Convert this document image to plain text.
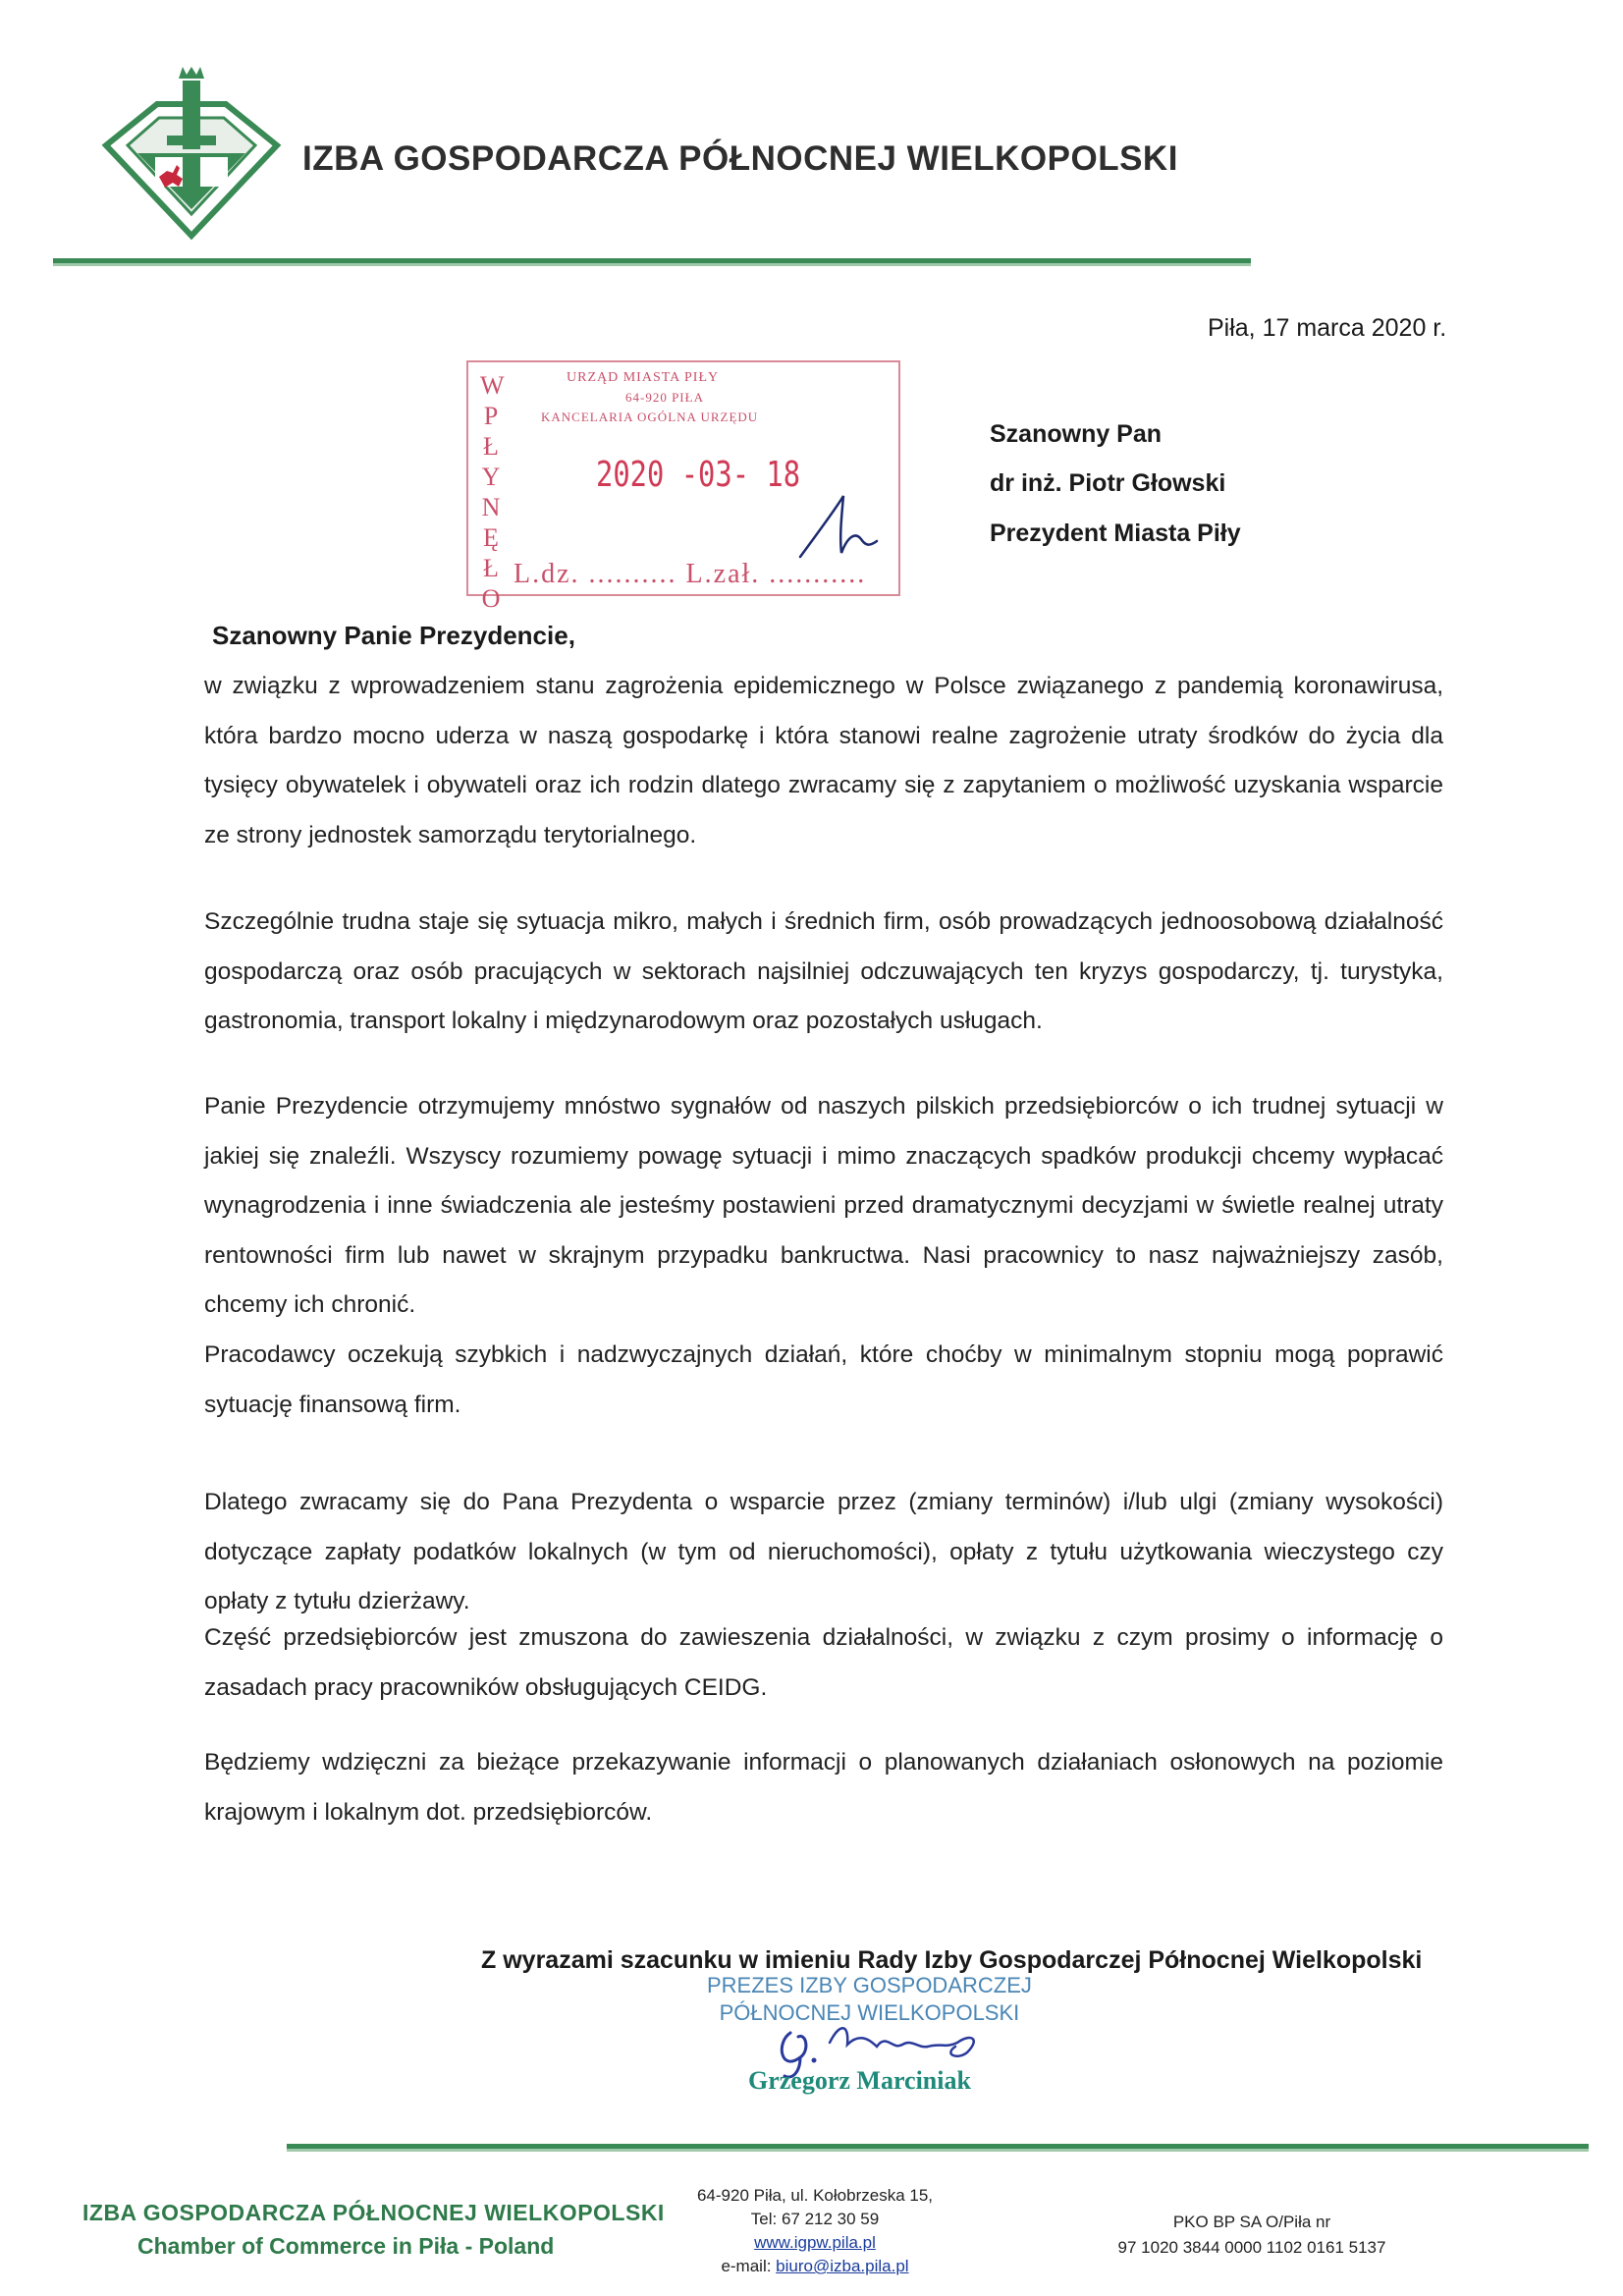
IZBA GOSPODARCZA PÓŁNOCNEJ WIELKOPOLSKI
Piła, 17 marca 2020 r.
Szanowny Pan
dr inż. Piotr Głowski
Prezydent Miasta Piły
W
P
Ł
Y
N
Ę
Ł
O
URZĄD MIASTA PIŁY
64-920 PIŁA
KANCELARIA OGÓLNA URZĘDU
2020 -03- 18
L.dz. .......... L.zał. ...........
Szanowny Panie Prezydencie,
w związku z wprowadzeniem stanu zagrożenia epidemicznego w Polsce związanego z pandemią koronawirusa, która bardzo mocno uderza w naszą gospodarkę i która stanowi realne zagrożenie utraty środków do życia dla tysięcy obywatelek i obywateli oraz ich rodzin dlatego zwracamy się z zapytaniem o możliwość uzyskania wsparcie ze strony jednostek samorządu terytorialnego.
Szczególnie trudna staje się sytuacja mikro, małych i średnich firm, osób prowadzących jednoosobową działalność gospodarczą oraz osób pracujących w sektorach najsilniej odczuwających ten kryzys gospodarczy, tj. turystyka, gastronomia, transport lokalny i międzynarodowym oraz pozostałych usługach.
Panie Prezydencie otrzymujemy mnóstwo sygnałów od naszych pilskich przedsiębiorców o ich trudnej sytuacji w jakiej się znaleźli. Wszyscy rozumiemy powagę sytuacji i mimo znaczących spadków produkcji chcemy wypłacać wynagrodzenia i inne świadczenia ale jesteśmy postawieni przed dramatycznymi decyzjami w świetle realnej utraty rentowności firm lub nawet w skrajnym przypadku bankructwa. Nasi pracownicy to nasz najważniejszy zasób, chcemy ich chronić.
Pracodawcy oczekują szybkich i nadzwyczajnych działań, które choćby w minimalnym stopniu mogą poprawić sytuację finansową firm.
Dlatego zwracamy się do Pana Prezydenta o wsparcie przez (zmiany terminów) i/lub ulgi (zmiany wysokości) dotyczące zapłaty podatków lokalnych (w tym od nieruchomości), opłaty z tytułu użytkowania wieczystego czy opłaty z tytułu dzierżawy.
Część przedsiębiorców jest zmuszona do zawieszenia działalności, w związku z czym prosimy o informację o zasadach pracy pracowników obsługujących CEIDG.
Będziemy wdzięczni za bieżące przekazywanie informacji o planowanych działaniach osłonowych na poziomie krajowym i lokalnym dot. przedsiębiorców.
Z wyrazami szacunku w imieniu Rady Izby Gospodarczej Północnej Wielkopolski
PREZES IZBY GOSPODARCZEJ
PÓŁNOCNEJ WIELKOPOLSKI
Grzegorz Marciniak
IZBA GOSPODARCZA PÓŁNOCNEJ WIELKOPOLSKI
Chamber of Commerce in Piła - Poland
64-920 Piła, ul. Kołobrzeska 15,
Tel: 67 212 30 59
www.igpw.pila.pl
e-mail: biuro@izba.pila.pl
PKO BP SA O/Piła nr
97 1020 3844 0000 1102 0161 5137
